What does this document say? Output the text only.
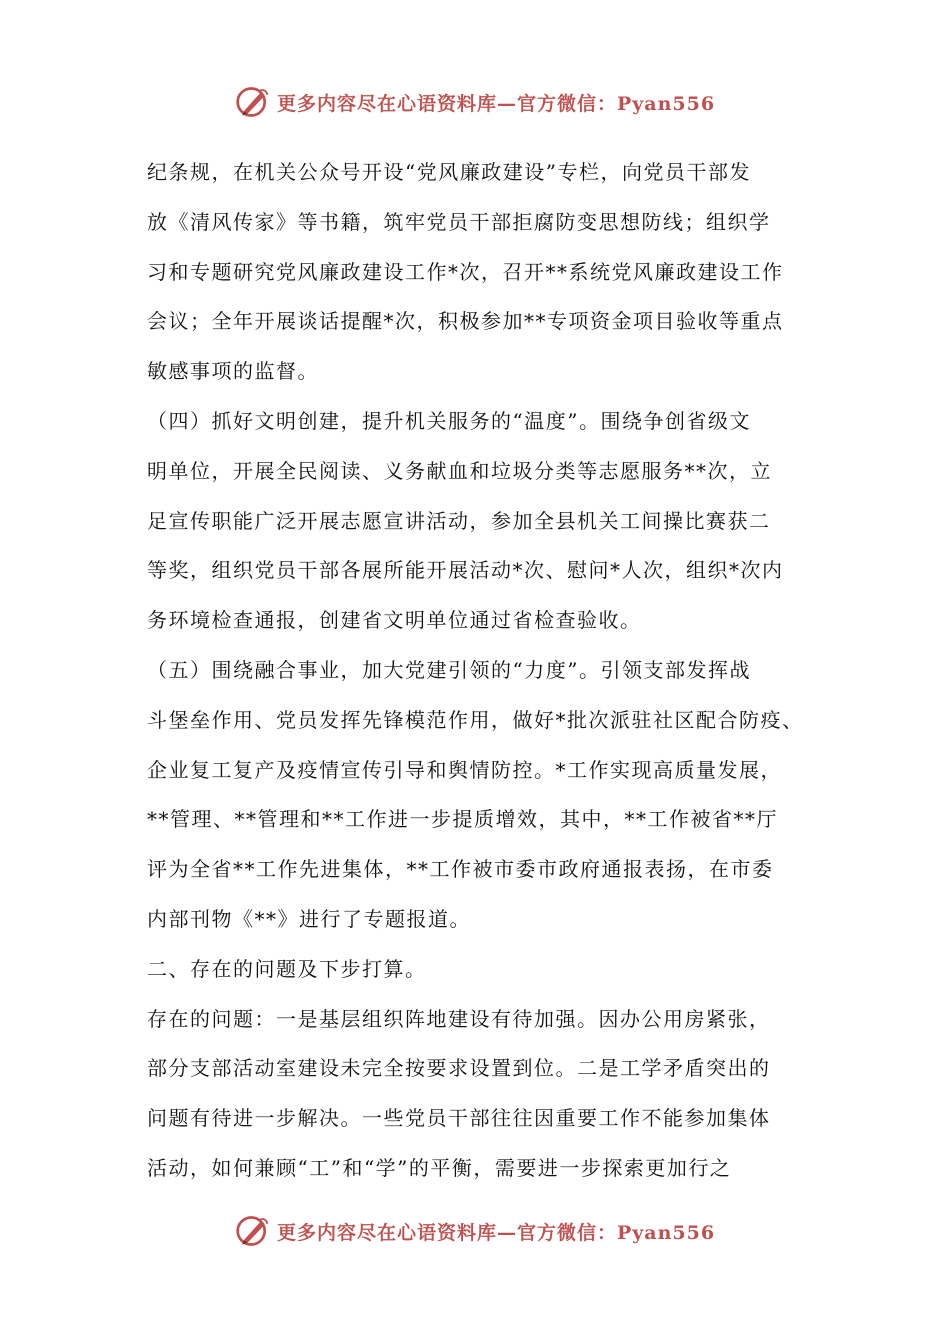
更多内容尽在心语资料库—官方微信：Pyan556

纪条规，在机关公众号开设“党风廉政建设”专栏，向党员干部发

放《清风传家》等书籍，筑牢党员干部拒腐防变思想防线；组织学

习和专题研究党风廉政建设工作*次，召开**系统党风廉政建设工作

会议；全年开展谈话提醒*次，积极参加**专项资金项目验收等重点

敏感事项的监督。

（四）抓好文明创建，提升机关服务的“温度”。围绕争创省级文

明单位，开展全民阅读、义务献血和垃圾分类等志愿服务**次，立

足宣传职能广泛开展志愿宣讲活动，参加全县机关工间操比赛获二

等奖，组织党员干部各展所能开展活动*次、慰问*人次，组织*次内

务环境检查通报，创建省文明单位通过省检查验收。

（五）围绕融合事业，加大党建引领的“力度”。引领支部发挥战

斗堡垒作用、党员发挥先锋模范作用，做好*批次派驻社区配合防疫、

企业复工复产及疫情宣传引导和舆情防控。*工作实现高质量发展，

**管理、**管理和**工作进一步提质增效，其中，**工作被省**厅

评为全省**工作先进集体，**工作被市委市政府通报表扬，在市委

内部刊物《**》进行了专题报道。

二、存在的问题及下步打算。

存在的问题：一是基层组织阵地建设有待加强。因办公用房紧张，

部分支部活动室建设未完全按要求设置到位。二是工学矛盾突出的

问题有待进一步解决。一些党员干部往往因重要工作不能参加集体

活动，如何兼顾“工”和“学”的平衡，需要进一步探索更加行之

更多内容尽在心语资料库—官方微信：Pyan556
